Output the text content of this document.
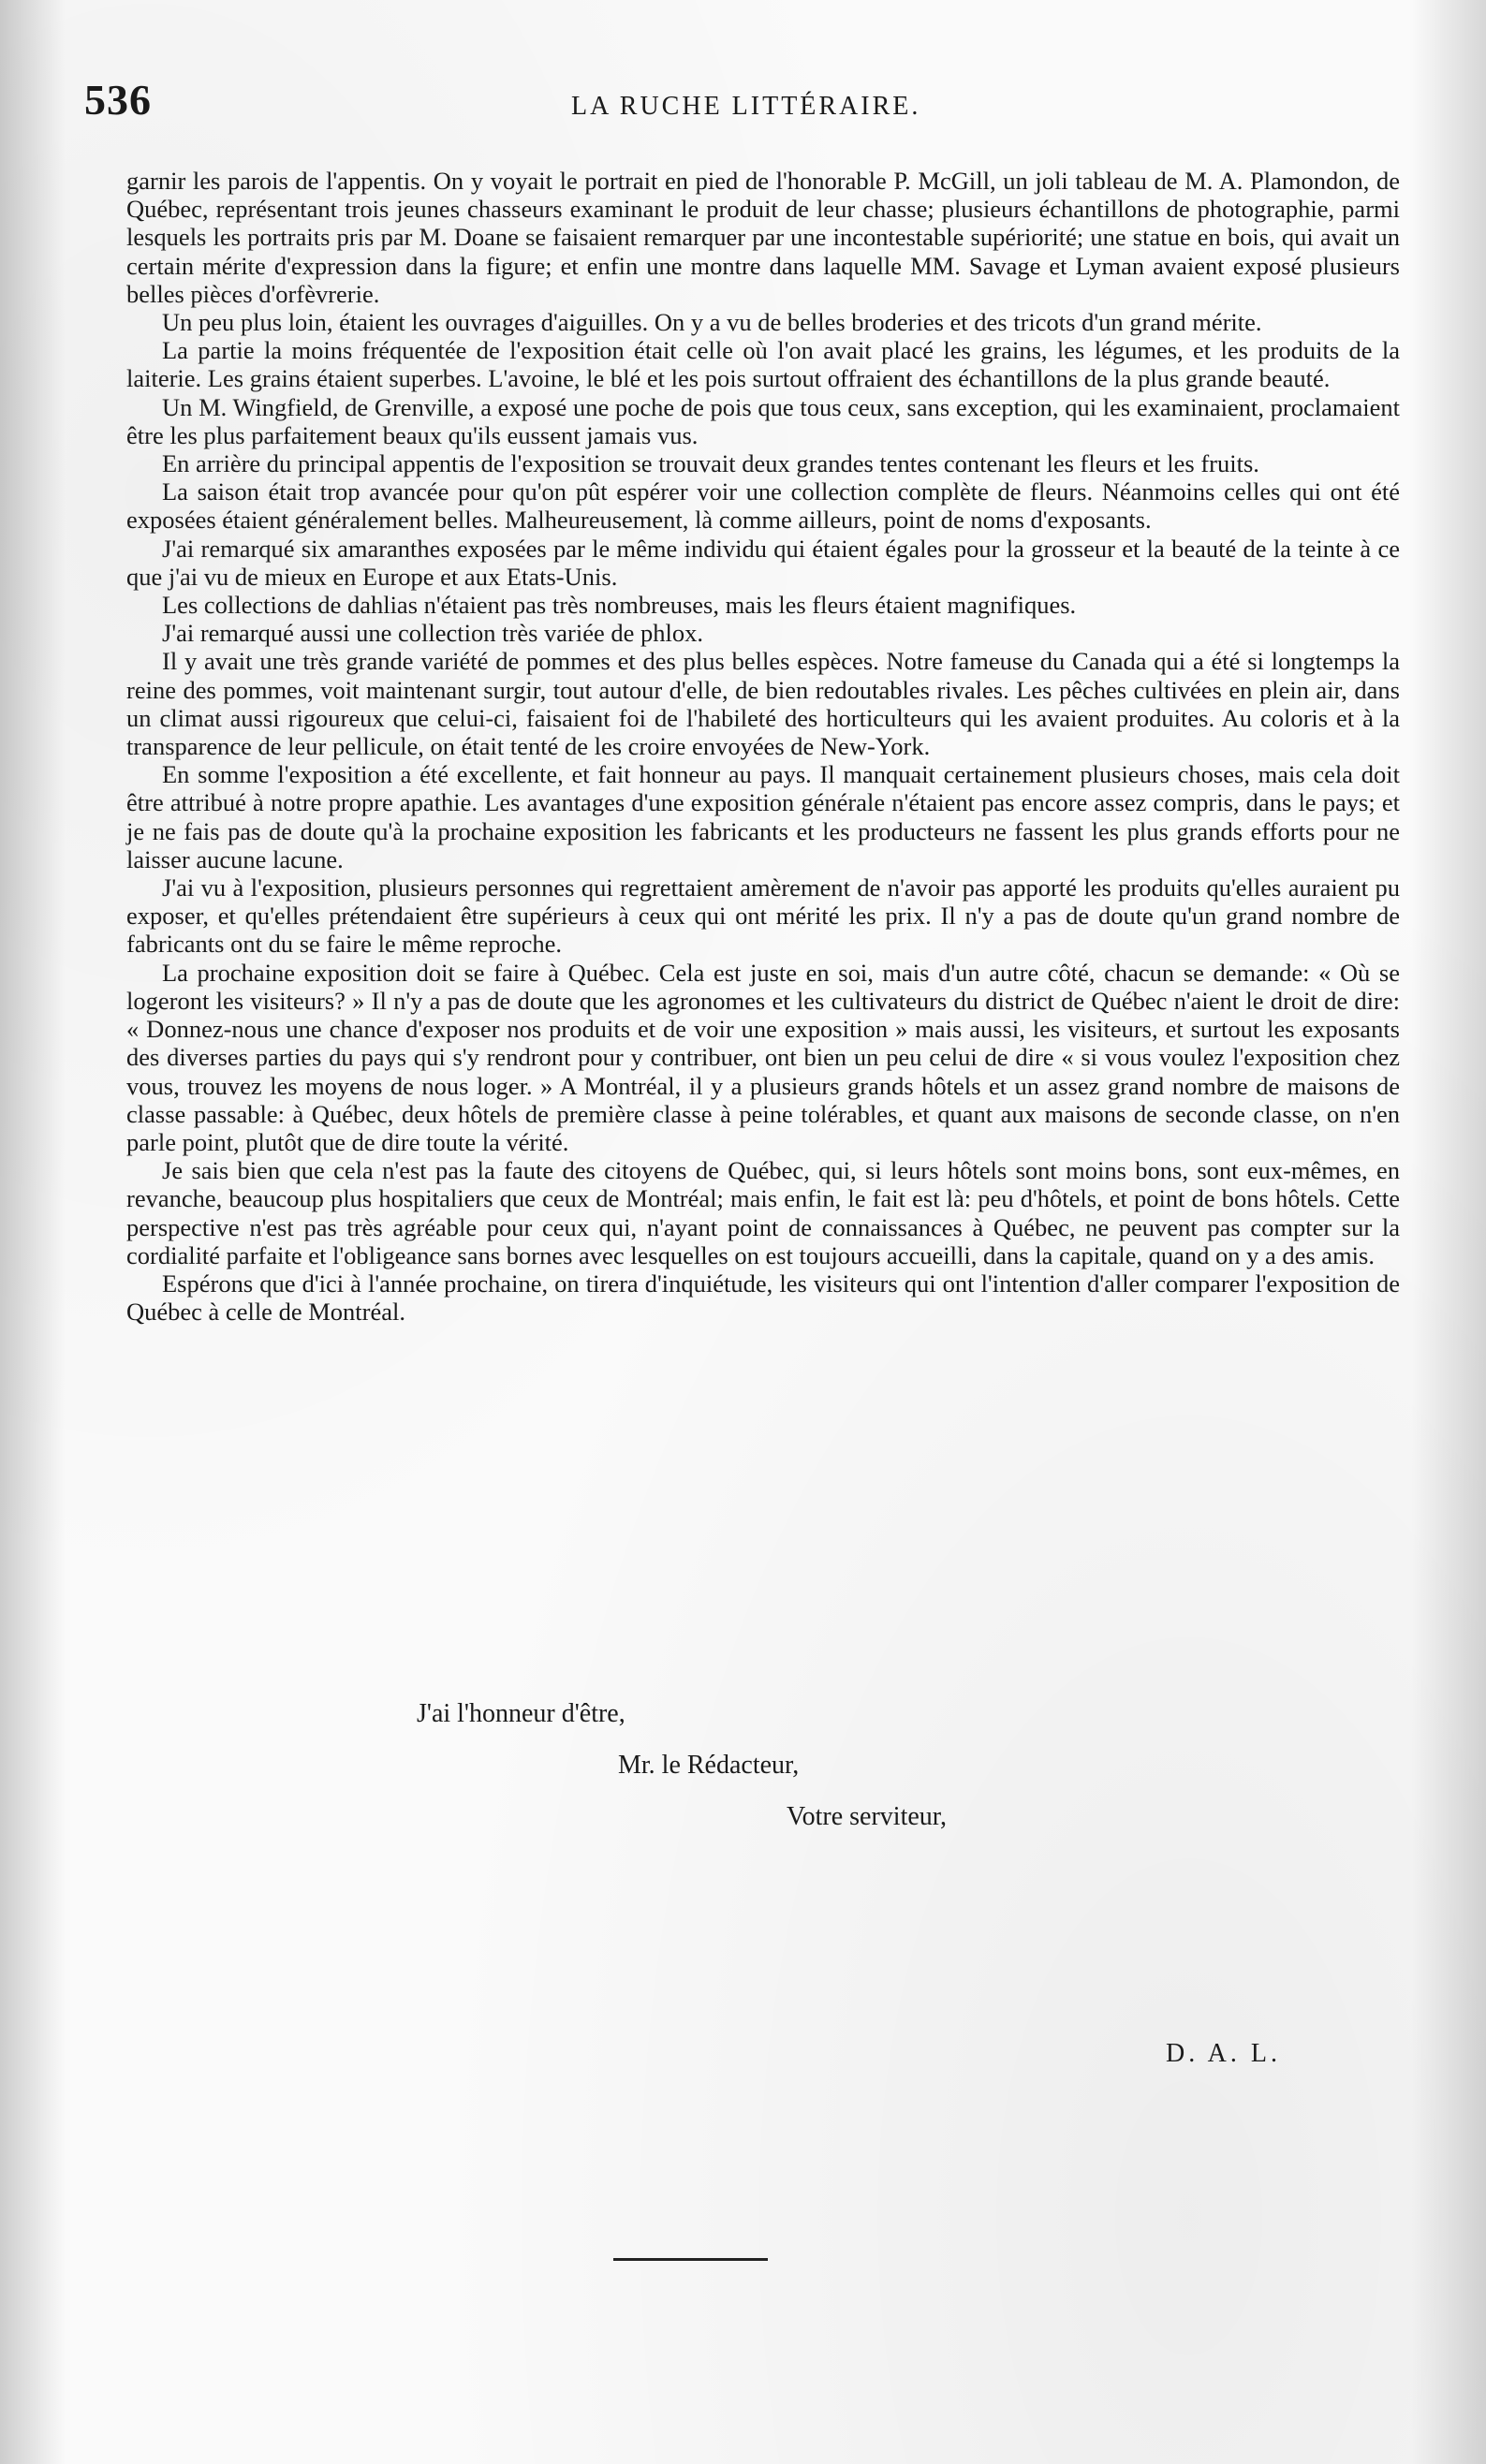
536	LA RUCHE LITTÉRAIRE.

garnir les parois de l'appentis. On y voyait le portrait en pied de l'honorable P. McGill, un joli tableau de M. A. Plamondon, de Québec, représentant trois jeunes chasseurs examinant le produit de leur chasse; plusieurs échantillons de photographie, parmi lesquels les portraits pris par M. Doane se faisaient remarquer par une incontestable supériorité; une statue en bois, qui avait un certain mérite d'expression dans la figure; et enfin une montre dans laquelle MM. Savage et Lyman avaient exposé plusieurs belles pièces d'orfèvrerie.

Un peu plus loin, étaient les ouvrages d'aiguilles. On y a vu de belles broderies et des tricots d'un grand mérite.

La partie la moins fréquentée de l'exposition était celle où l'on avait placé les grains, les légumes, et les produits de la laiterie. Les grains étaient superbes. L'avoine, le blé et les pois surtout offraient des échantillons de la plus grande beauté.

Un M. Wingfield, de Grenville, a exposé une poche de pois que tous ceux, sans exception, qui les examinaient, proclamaient être les plus parfaitement beaux qu'ils eussent jamais vus.

En arrière du principal appentis de l'exposition se trouvait deux grandes tentes contenant les fleurs et les fruits.

La saison était trop avancée pour qu'on pût espérer voir une collection complète de fleurs. Néanmoins celles qui ont été exposées étaient généralement belles. Malheureusement, là comme ailleurs, point de noms d'exposants.

J'ai remarqué six amaranthes exposées par le même individu qui étaient égales pour la grosseur et la beauté de la teinte à ce que j'ai vu de mieux en Europe et aux Etats-Unis.

Les collections de dahlias n'étaient pas très nombreuses, mais les fleurs étaient magnifiques.

J'ai remarqué aussi une collection très variée de phlox.

Il y avait une très grande variété de pommes et des plus belles espèces. Notre fameuse du Canada qui a été si longtemps la reine des pommes, voit maintenant surgir, tout autour d'elle, de bien redoutables rivales. Les pêches cultivées en plein air, dans un climat aussi rigoureux que celui-ci, faisaient foi de l'habileté des horticulteurs qui les avaient produites. Au coloris et à la transparence de leur pellicule, on était tenté de les croire envoyées de New-York.

En somme l'exposition a été excellente, et fait honneur au pays. Il manquait certainement plusieurs choses, mais cela doit être attribué à notre propre apathie. Les avantages d'une exposition générale n'étaient pas encore assez compris, dans le pays; et je ne fais pas de doute qu'à la prochaine exposition les fabricants et les producteurs ne fassent les plus grands efforts pour ne laisser aucune lacune.

J'ai vu à l'exposition, plusieurs personnes qui regrettaient amèrement de n'avoir pas apporté les produits qu'elles auraient pu exposer, et qu'elles prétendaient être supérieurs à ceux qui ont mérité les prix. Il n'y a pas de doute qu'un grand nombre de fabricants ont du se faire le même reproche.

La prochaine exposition doit se faire à Québec. Cela est juste en soi, mais d'un autre côté, chacun se demande: « Où se logeront les visiteurs? » Il n'y a pas de doute que les agronomes et les cultivateurs du district de Québec n'aient le droit de dire: « Donnez-nous une chance d'exposer nos produits et de voir une exposition » mais aussi, les visiteurs, et surtout les exposants des diverses parties du pays qui s'y rendront pour y contribuer, ont bien un peu celui de dire « si vous voulez l'exposition chez vous, trouvez les moyens de nous loger. » A Montréal, il y a plusieurs grands hôtels et un assez grand nombre de maisons de classe passable: à Québec, deux hôtels de première classe à peine tolérables, et quant aux maisons de seconde classe, on n'en parle point, plutôt que de dire toute la vérité.

Je sais bien que cela n'est pas la faute des citoyens de Québec, qui, si leurs hôtels sont moins bons, sont eux-mêmes, en revanche, beaucoup plus hospitaliers que ceux de Montréal; mais enfin, le fait est là: peu d'hôtels, et point de bons hôtels. Cette perspective n'est pas très agréable pour ceux qui, n'ayant point de connaissances à Québec, ne peuvent pas compter sur la cordialité parfaite et l'obligeance sans bornes avec lesquelles on est toujours accueilli, dans la capitale, quand on y a des amis.

Espérons que d'ici à l'année prochaine, on tirera d'inquiétude, les visiteurs qui ont l'intention d'aller comparer l'exposition de Québec à celle de Montréal.

J'ai l'honneur d'être,
Mr. le Rédacteur,
Votre serviteur,
D. A. L.
